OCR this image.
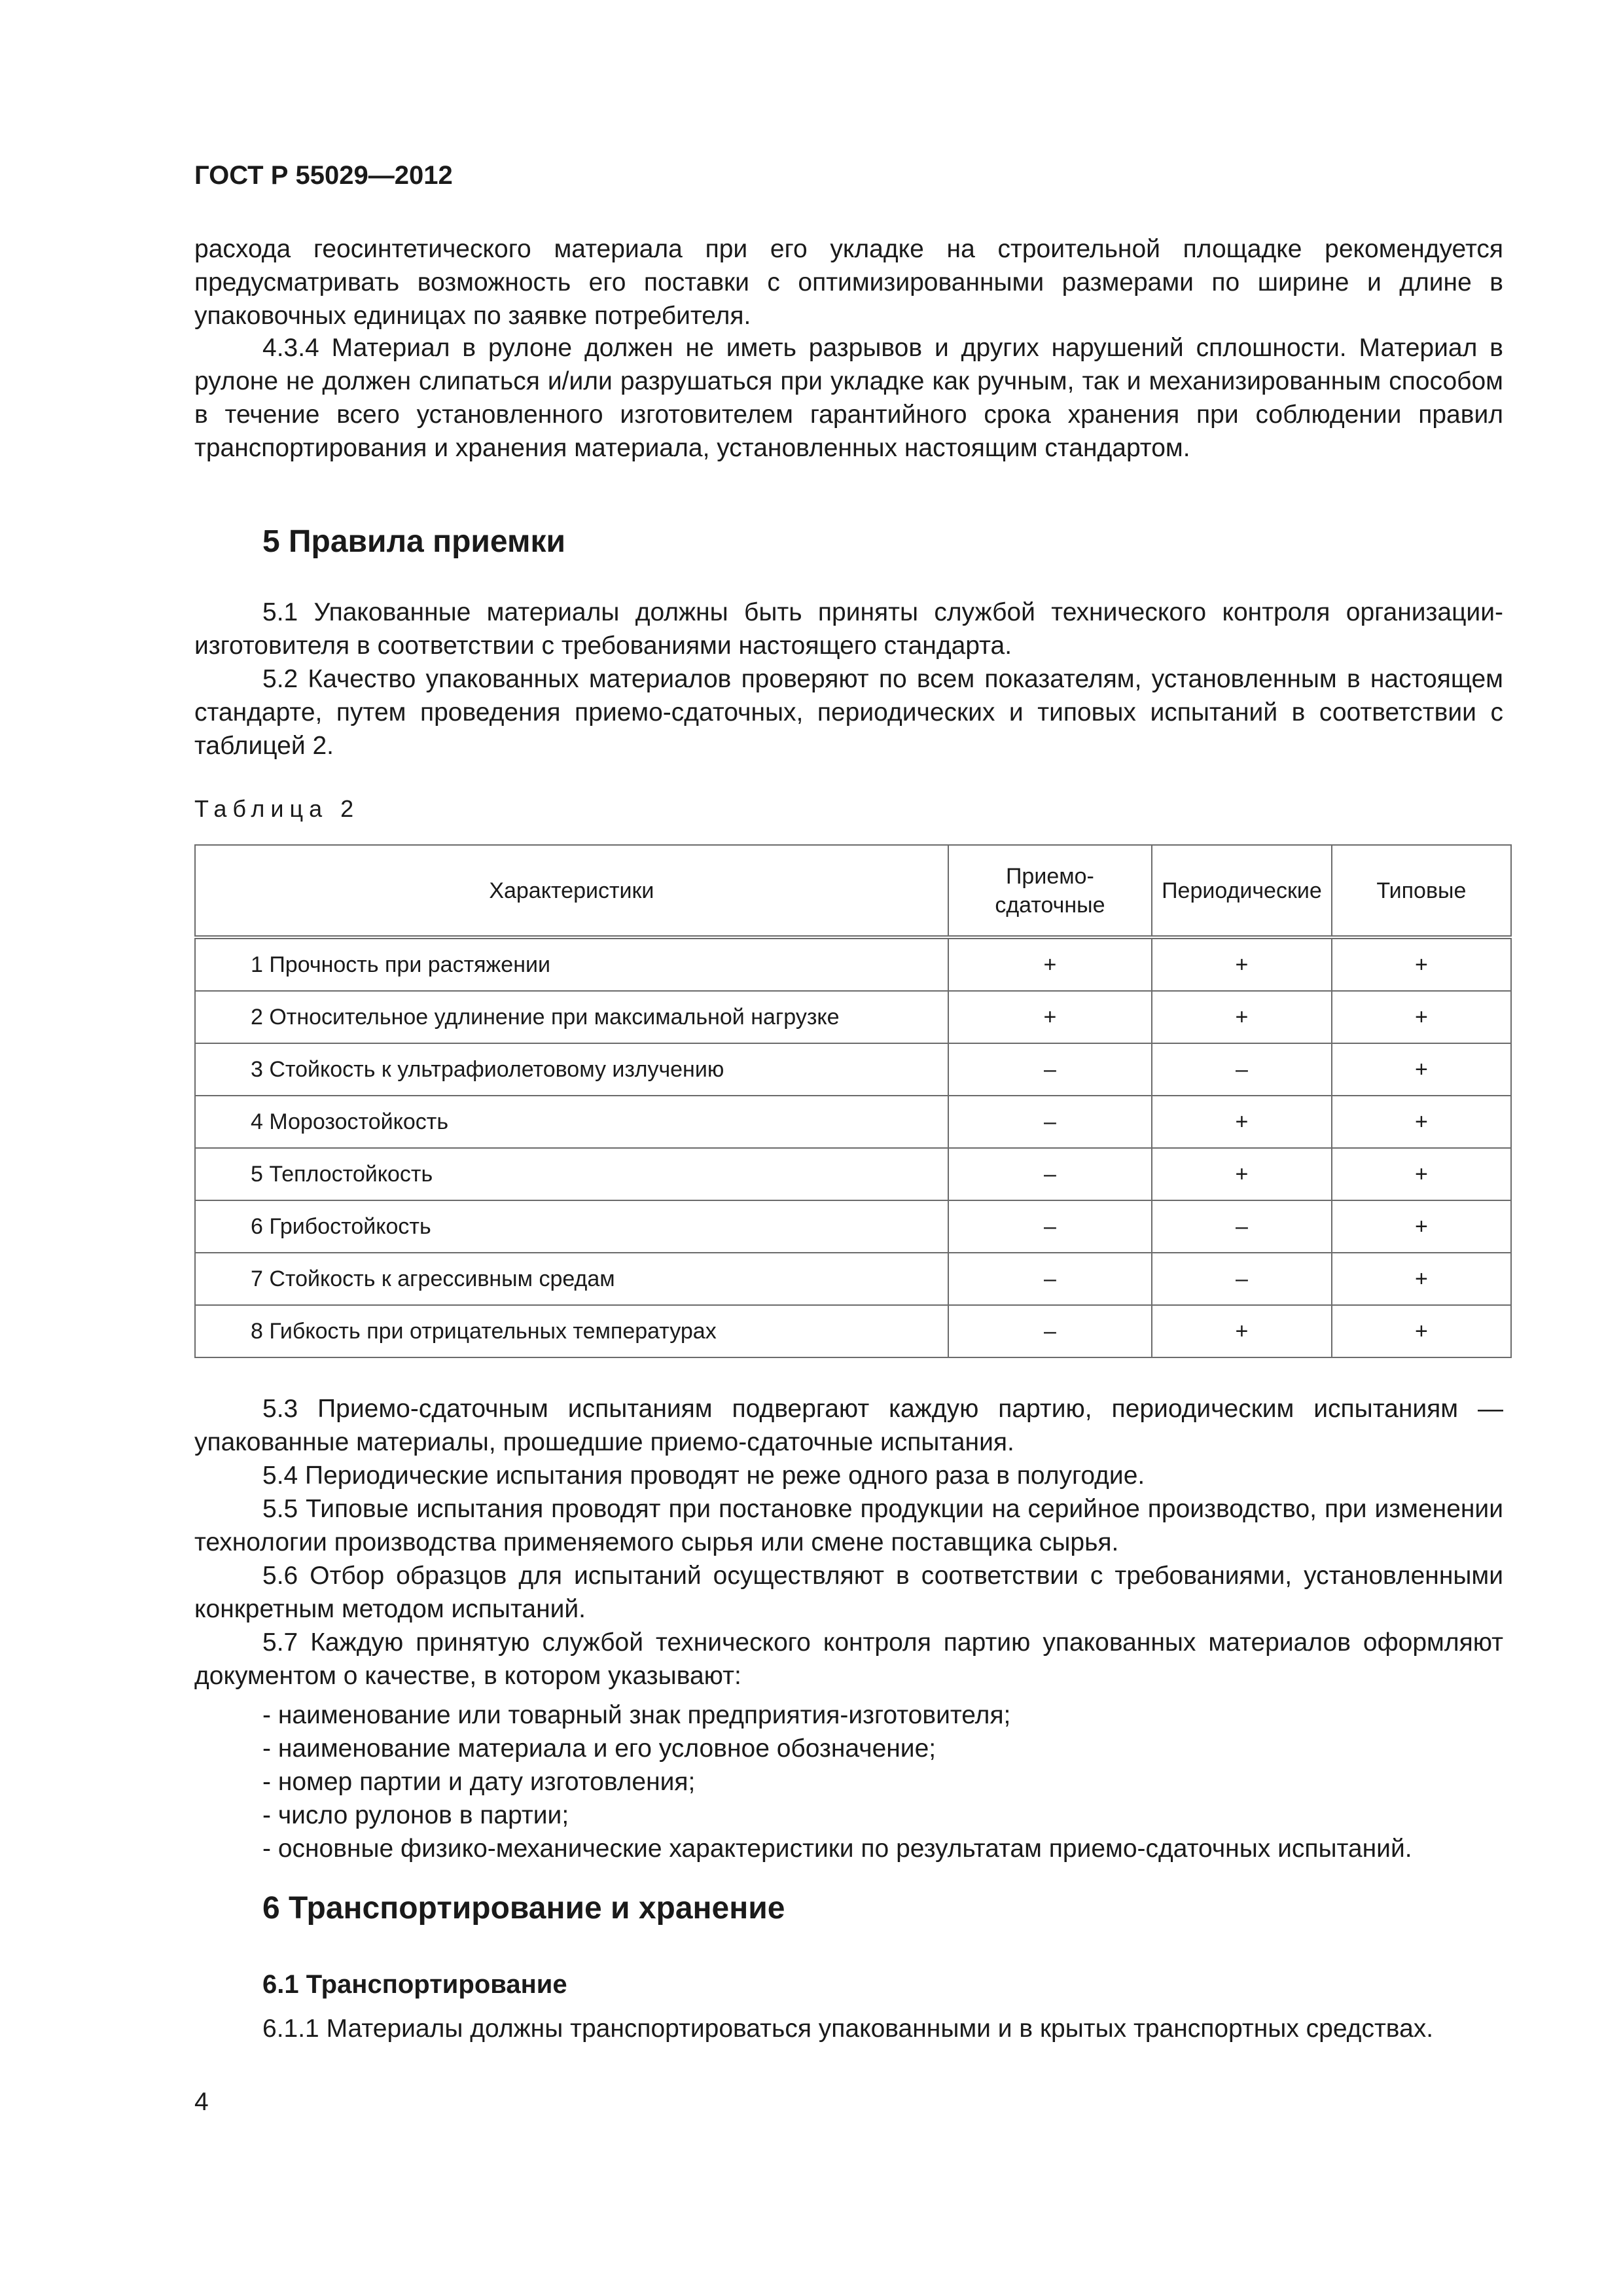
ГОСТ Р 55029—2012

расхода геосинтетического материала при его укладке на строительной площадке рекомендуется предусматривать возможность его поставки с оптимизированными размерами по ширине и длине в упаковочных единицах по заявке потребителя.

4.3.4 Материал в рулоне должен не иметь разрывов и других нарушений сплошности. Материал в рулоне не должен слипаться и/или разрушаться при укладке как ручным, так и механизированным способом в течение всего установленного изготовителем гарантийного срока хранения при соблюдении правил транспортирования и хранения материала, установленных настоящим стандартом.

5 Правила приемки

5.1 Упакованные материалы должны быть приняты службой технического контроля организации-изготовителя в соответствии с требованиями настоящего стандарта.

5.2 Качество упакованных материалов проверяют по всем показателям, установленным в настоящем стандарте, путем проведения приемо-сдаточных, периодических и типовых испытаний в соответствии с таблицей 2.

Таблица 2
Характеристики	Приемо-сдаточные	Периодические	Типовые
1 Прочность при растяжении	+	+	+
2 Относительное удлинение при максимальной нагрузке	+	+	+
3 Стойкость к ультрафиолетовому излучению	–	–	+
4 Морозостойкость	–	+	+
5 Теплостойкость	–	+	+
6 Грибостойкость	–	–	+
7 Стойкость к агрессивным средам	–	–	+
8 Гибкость при отрицательных температурах	–	+	+

5.3 Приемо-сдаточным испытаниям подвергают каждую партию, периодическим испытаниям — упакованные материалы, прошедшие приемо-сдаточные испытания.

5.4 Периодические испытания проводят не реже одного раза в полугодие.

5.5 Типовые испытания проводят при постановке продукции на серийное производство, при изменении технологии производства применяемого сырья или смене поставщика сырья.

5.6 Отбор образцов для испытаний осуществляют в соответствии с требованиями, установленными конкретным методом испытаний.

5.7 Каждую принятую службой технического контроля партию упакованных материалов оформляют документом о качестве, в котором указывают:

- наименование или товарный знак предприятия-изготовителя;
- наименование материала и его условное обозначение;
- номер партии и дату изготовления;
- число рулонов в партии;
- основные физико-механические характеристики по результатам приемо-сдаточных испытаний.
6 Транспортирование и хранение
6.1 Транспортирование

6.1.1 Материалы должны транспортироваться упакованными и в крытых транспортных средствах.

4
